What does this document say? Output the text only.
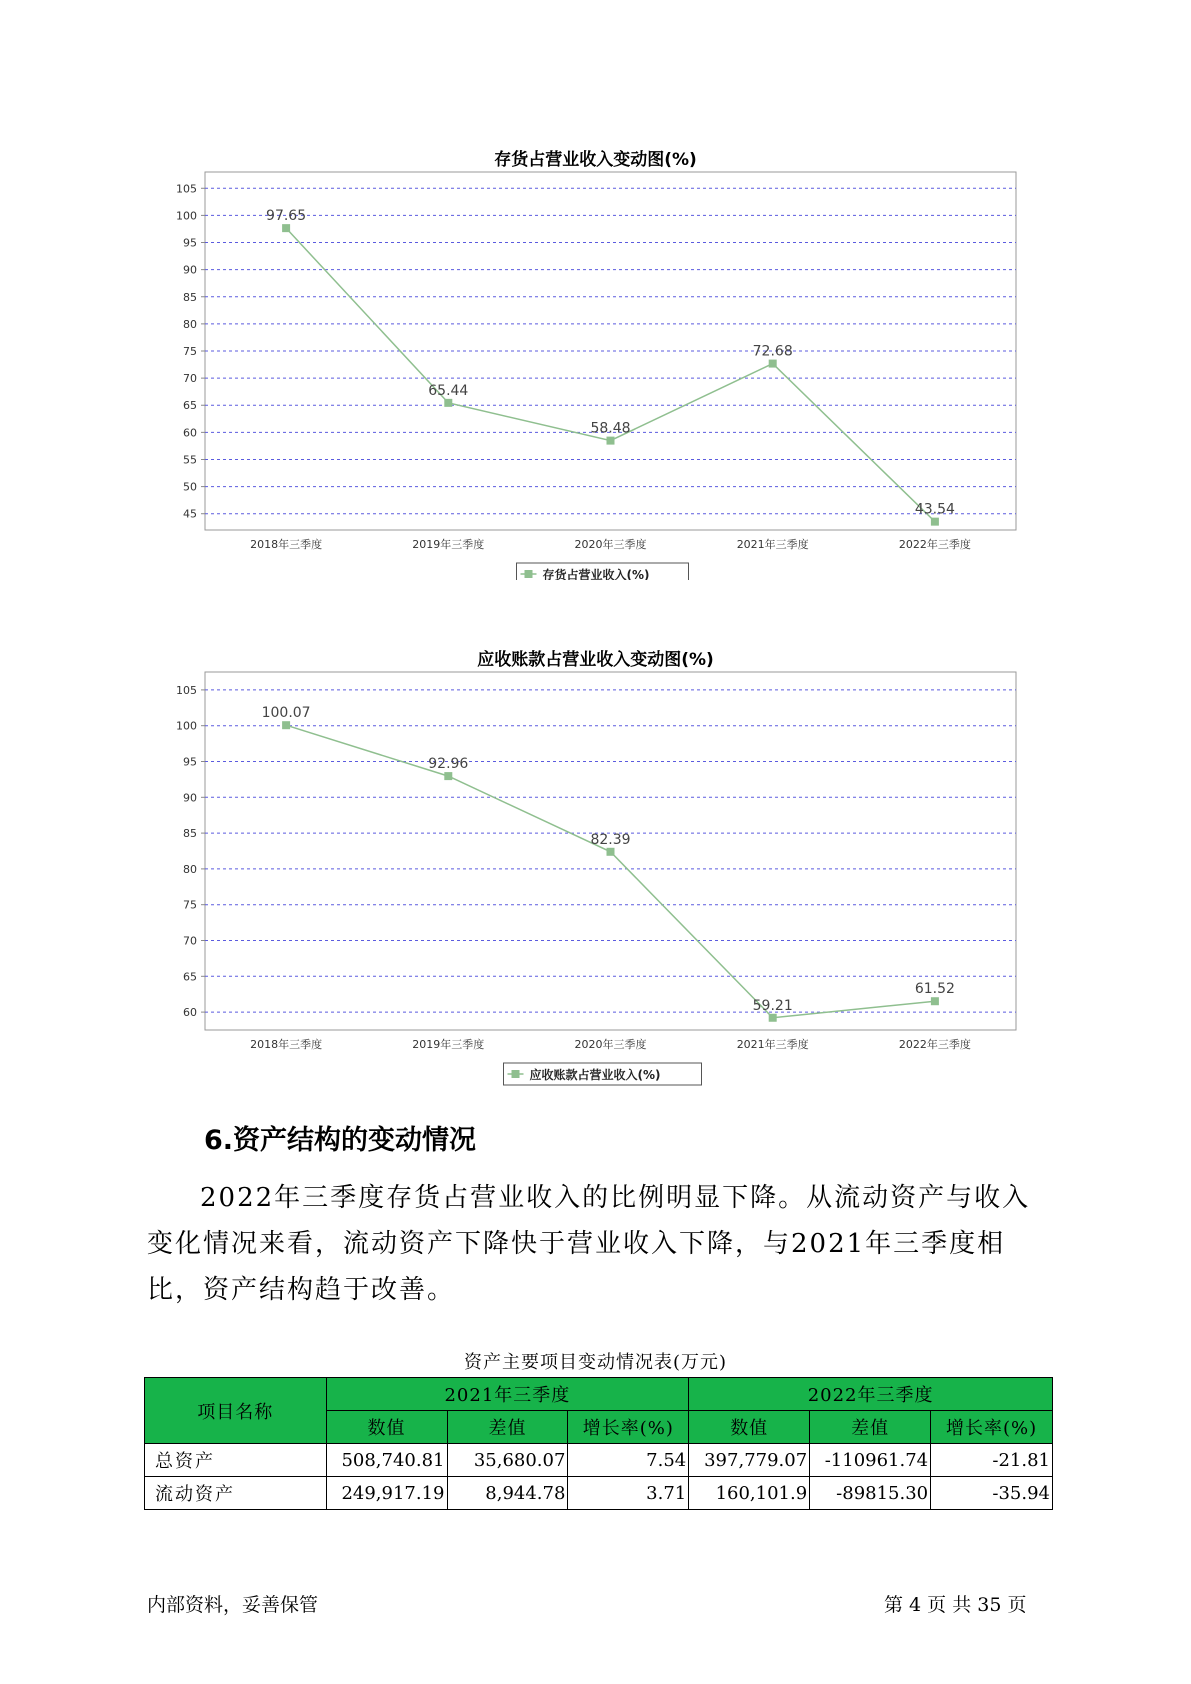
存货占营业收入变动图(%)
45
50
55
60
65
70
75
80
85
90
95
100
105
2018年三季度	2019年三季度	2020年三季度	2021年三季度	2022年三季度
97.65
65.44
58.48
72.68
43.54
存货占营业收入(%)
应收账款占营业收入变动图(%)
60
65
70
75
80
85
90
95
100
105
2018年三季度	2019年三季度	2020年三季度	2021年三季度	2022年三季度
100.07
92.96
82.39
59.21
61.52
应收账款占营业收入(%)
6.资产结构的变动情况
2022年三季度存货占营业收入的比例明显下降。从流动资产与收入变化情况来看，流动资产下降快于营业收入下降，与2021年三季度相比，资产结构趋于改善。
资产主要项目变动情况表(万元)
项目名称	2021年三季度			2022年三季度		
	数值	差值	增长率(%)	数值	差值	增长率(%)
总资产	508,740.81	35,680.07	7.54	397,779.07	-110961.74	-21.81
流动资产	249,917.19	8,944.78	3.71	160,101.9	-89815.30	-35.94
内部资料，妥善保管	第 4 页 共 35 页
